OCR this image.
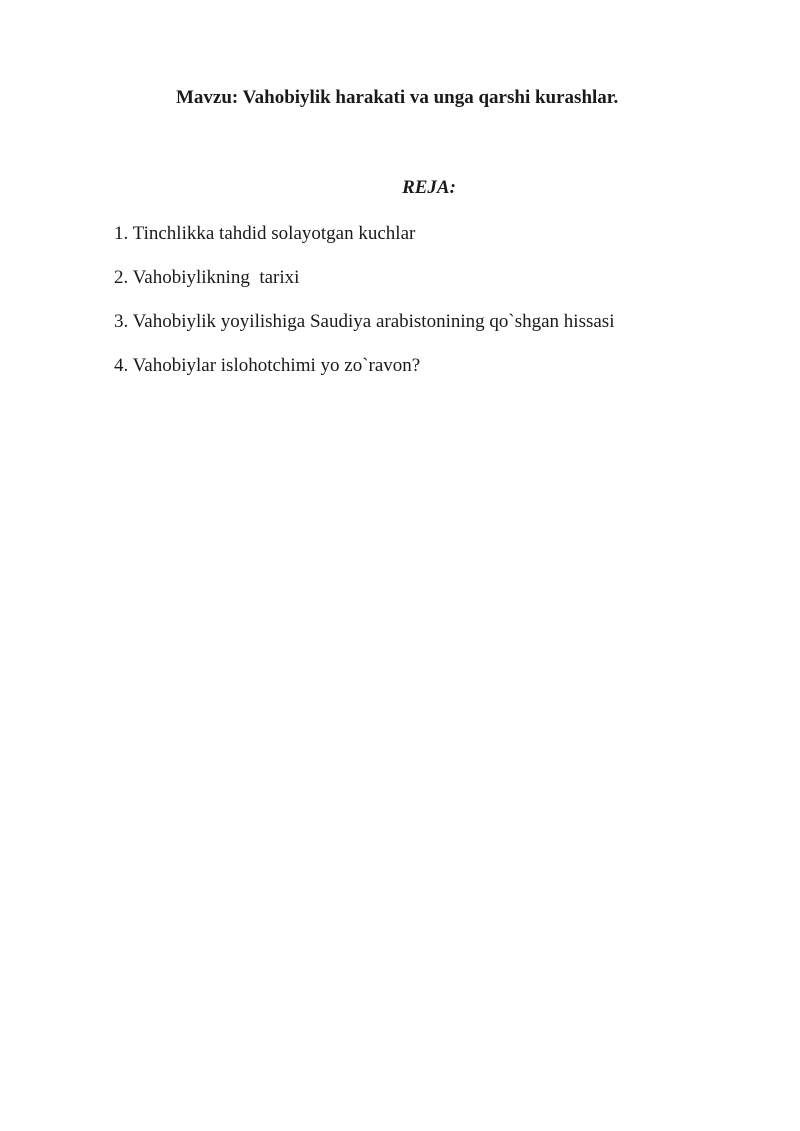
Mavzu: Vahobiylik harakati va unga qarshi kurashlar.
REJA:
1. Tinchlikka tahdid solayotgan kuchlar
2. Vahobiylikning  tarixi
3. Vahobiylik yoyilishiga Saudiya arabistonining qo`shgan hissasi
4. Vahobiylar islohotchimi yo zo`ravon?
